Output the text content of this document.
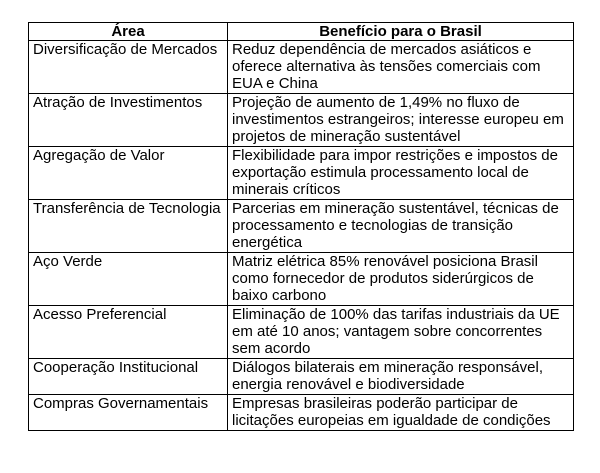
Área	Benefício para o Brasil
Diversificação de Mercados	Reduz dependência de mercados asiáticos e oferece alternativa às tensões comerciais com EUA e China
Atração de Investimentos	Projeção de aumento de 1,49% no fluxo de investimentos estrangeiros; interesse europeu em projetos de mineração sustentável
Agregação de Valor	Flexibilidade para impor restrições e impostos de exportação estimula processamento local de minerais críticos
Transferência de Tecnologia	Parcerias em mineração sustentável, técnicas de processamento e tecnologias de transição energética
Aço Verde	Matriz elétrica 85% renovável posiciona Brasil como fornecedor de produtos siderúrgicos de baixo carbono
Acesso Preferencial	Eliminação de 100% das tarifas industriais da UE em até 10 anos; vantagem sobre concorrentes sem acordo
Cooperação Institucional	Diálogos bilaterais em mineração responsável, energia renovável e biodiversidade
Compras Governamentais	Empresas brasileiras poderão participar de licitações europeias em igualdade de condições
